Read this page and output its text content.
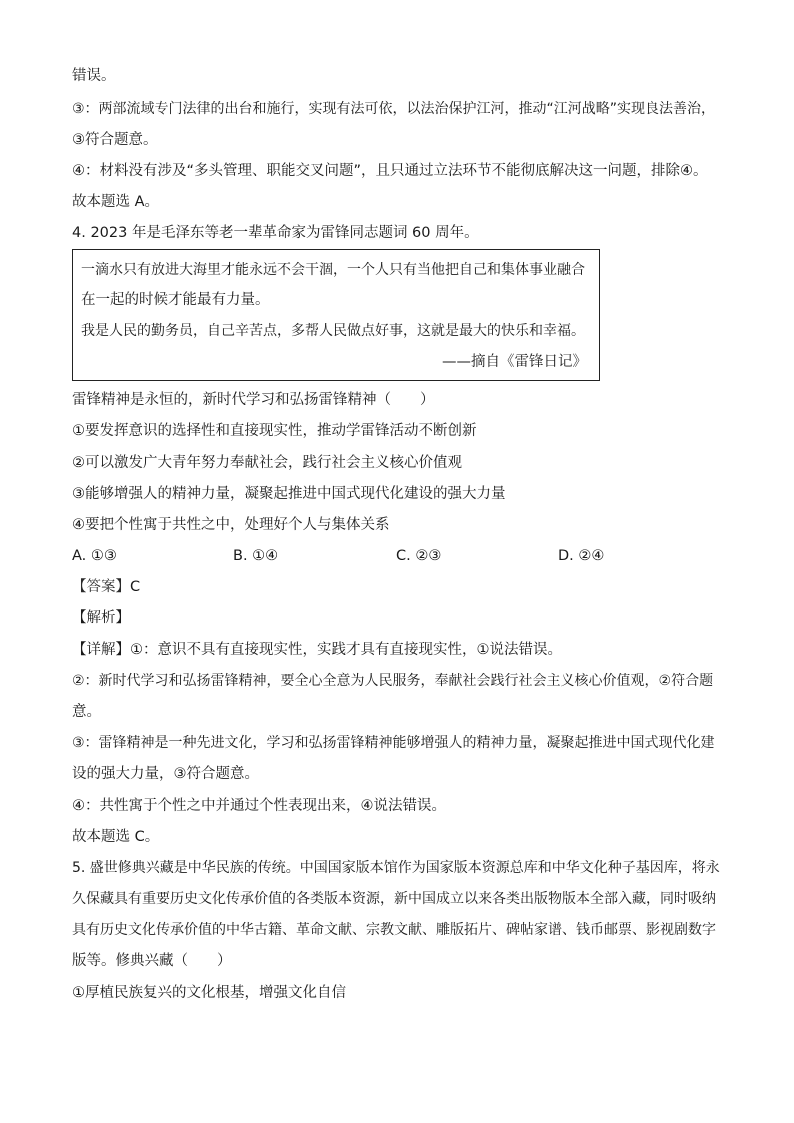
错误。
③：两部流域专门法律的出台和施行，实现有法可依，以法治保护江河，推动“江河战略”实现良法善治，
③符合题意。
④：材料没有涉及“多头管理、职能交叉问题”，且只通过立法环节不能彻底解决这一问题，排除④。
故本题选 A。
4. 2023 年是毛泽东等老一辈革命家为雷锋同志题词 60 周年。
一滴水只有放进大海里才能永远不会干涸，一个人只有当他把自己和集体事业融合
在一起的时候才能最有力量。
我是人民的勤务员，自己辛苦点，多帮人民做点好事，这就是最大的快乐和幸福。
——摘自《雷锋日记》
雷锋精神是永恒的，新时代学习和弘扬雷锋精神（　　）
①要发挥意识的选择性和直接现实性，推动学雷锋活动不断创新
②可以激发广大青年努力奉献社会，践行社会主义核心价值观
③能够增强人的精神力量，凝聚起推进中国式现代化建设的强大力量
④要把个性寓于共性之中，处理好个人与集体关系
A. ①③	B. ①④	C. ②③	D. ②④
【答案】C
【解析】
【详解】①：意识不具有直接现实性，实践才具有直接现实性，①说法错误。
②：新时代学习和弘扬雷锋精神，要全心全意为人民服务，奉献社会践行社会主义核心价值观，②符合题
意。
③：雷锋精神是一种先进文化，学习和弘扬雷锋精神能够增强人的精神力量，凝聚起推进中国式现代化建
设的强大力量，③符合题意。
④：共性寓于个性之中并通过个性表现出来，④说法错误。
故本题选 C。
5. 盛世修典兴藏是中华民族的传统。中国国家版本馆作为国家版本资源总库和中华文化种子基因库，将永
久保藏具有重要历史文化传承价值的各类版本资源，新中国成立以来各类出版物版本全部入藏，同时吸纳
具有历史文化传承价值的中华古籍、革命文献、宗教文献、雕版拓片、碑帖家谱、钱币邮票、影视剧数字
版等。修典兴藏（　　）
①厚植民族复兴的文化根基，增强文化自信
